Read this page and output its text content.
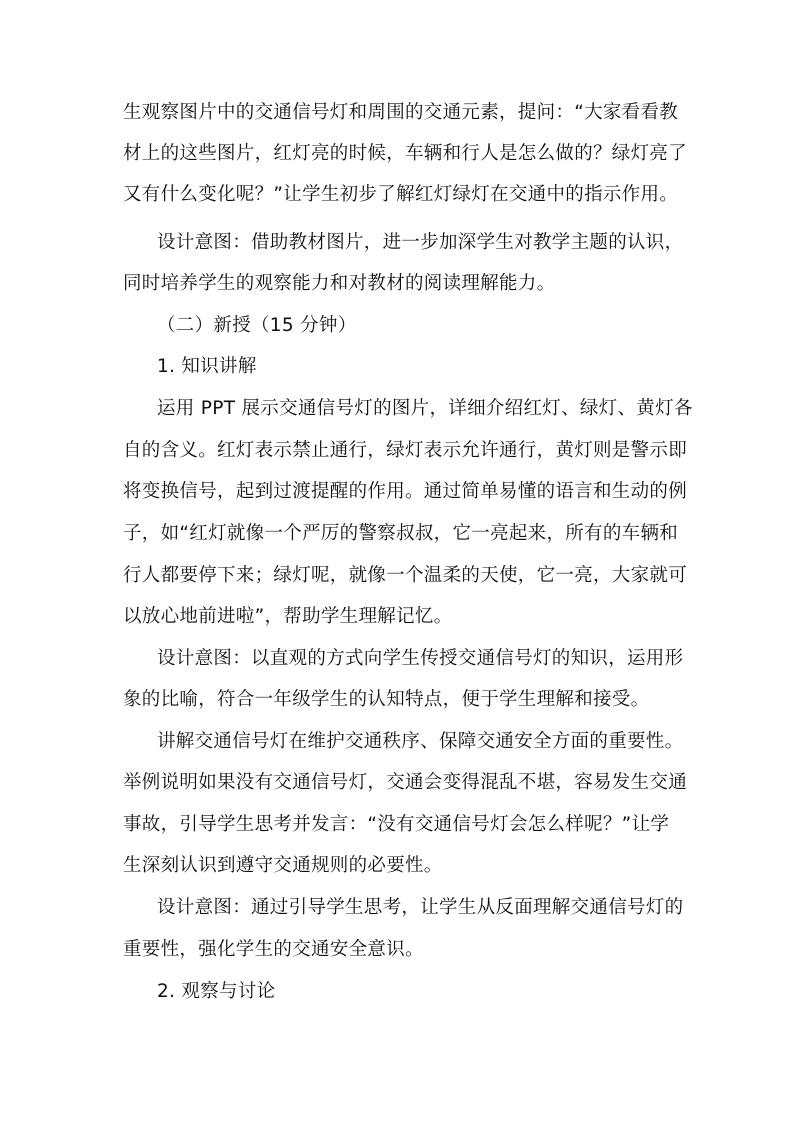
生观察图片中的交通信号灯和周围的交通元素，提问：“大家看看教
材上的这些图片，红灯亮的时候，车辆和行人是怎么做的？绿灯亮了
又有什么变化呢？”让学生初步了解红灯绿灯在交通中的指示作用。
设计意图：借助教材图片，进一步加深学生对教学主题的认识，
同时培养学生的观察能力和对教材的阅读理解能力。
（二）新授（15 分钟）
1. 知识讲解
运用 PPT 展示交通信号灯的图片，详细介绍红灯、绿灯、黄灯各
自的含义。红灯表示禁止通行，绿灯表示允许通行，黄灯则是警示即
将变换信号，起到过渡提醒的作用。通过简单易懂的语言和生动的例
子，如“红灯就像一个严厉的警察叔叔，它一亮起来，所有的车辆和
行人都要停下来；绿灯呢，就像一个温柔的天使，它一亮，大家就可
以放心地前进啦”，帮助学生理解记忆。
设计意图：以直观的方式向学生传授交通信号灯的知识，运用形
象的比喻，符合一年级学生的认知特点，便于学生理解和接受。
讲解交通信号灯在维护交通秩序、保障交通安全方面的重要性。
举例说明如果没有交通信号灯，交通会变得混乱不堪，容易发生交通
事故，引导学生思考并发言：“没有交通信号灯会怎么样呢？”让学
生深刻认识到遵守交通规则的必要性。
设计意图：通过引导学生思考，让学生从反面理解交通信号灯的
重要性，强化学生的交通安全意识。
2. 观察与讨论
